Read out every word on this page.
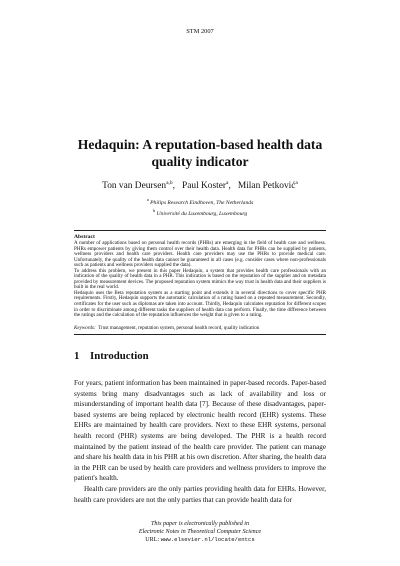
STM 2007
Hedaquin: A reputation-based health data quality indicator
Ton van Deursen$^{a,b}$,   Paul Koster$^a$,   Milan Petković$^a$
$^a$ Philips Research Eindhoven, The Netherlands
$^b$ Université du Luxembourg, Luxembourg
Abstract

A number of applications based on personal health records (PHRs) are emerging in the field of health care and wellness. PHRs empower patients by giving them control over their health data. Health data for PHRs can be supplied by patients, wellness providers and health care providers. Health care providers may use the PHRs to provide medical care. Unfortunately, the quality of the health data cannot be guaranteed in all cases (e.g. consider cases where non-professionals such as patients and wellness providers supplied the data).

To address this problem, we present in this paper Hedaquin, a system that provides health care professionals with an indication of the quality of health data in a PHR. This indication is based on the reputation of the supplier and on metadata provided by measurement devices. The proposed reputation system mimics the way trust in health data and their suppliers is built in the real world.

Hedaquin uses the Beta reputation system as a starting point and extends it in several directions to cover specific PHR requirements. Firstly, Hedaquin supports the automatic calculation of a rating based on a repeated measurement. Secondly, certificates for the user such as diplomas are taken into account. Thirdly, Hedaquin calculates reputation for different scopes in order to discriminate among different tasks the suppliers of health data can perform. Finally, the time difference between the ratings and the calculation of the reputation influences the weight that is given to a rating.

Keywords: Trust management, reputation system, personal health record, quality indication
1 Introduction

For years, patient information has been maintained in paper-based records. Paper-based systems bring many disadvantages such as lack of availability and loss or misunderstanding of important health data [7]. Because of these disadvantages, paper-based systems are being replaced by electronic health record (EHR) systems. These EHRs are maintained by health care providers. Next to these EHR systems, personal health record (PHR) systems are being developed. The PHR is a health record maintained by the patient instead of the health care provider. The patient can manage and share his health data in his PHR at his own discretion. After sharing, the health data in the PHR can be used by health care providers and wellness providers to improve the patient's health.

Health care providers are the only parties providing health data for EHRs. However, health care providers are not the only parties that can provide health data for

This paper is electronically published in
Electronic Notes in Theoretical Computer Science
URL: www.elsevier.nl/locate/entcs
